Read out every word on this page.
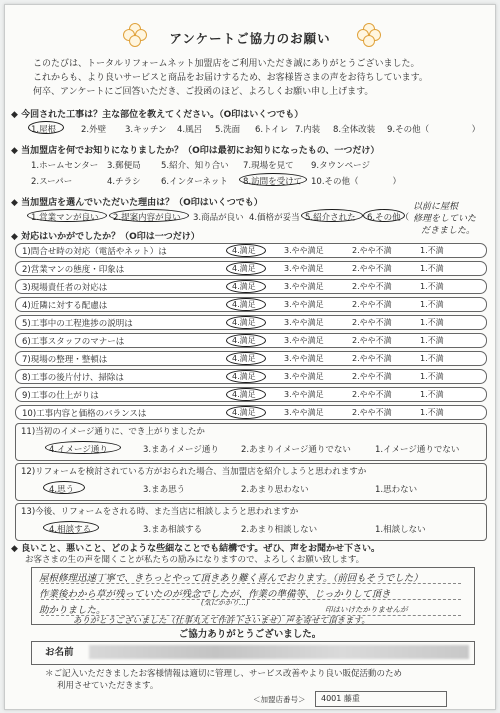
アンケートご協力のお願い
このたびは、トータルリフォームネット加盟店をご利用いただき誠にありがとうございました。
これからも、より良いサービスと商品をお届けするため、お客様皆さまの声をお待ちしています。
何卒、アンケートにご回答いただき、ご投函のほど、よろしくお願い申し上げます。
◆ 今回された工事は？主な部位を教えてください。（O印はいくつでも）
1.屋根	2.外壁 3.キッチン 4.風呂 5.洗面 6.トイレ 7.内装 8.全体改装 9.その他（　　　　　）
◆ 当加盟店を何でお知りになりましたか？（O印は最初にお知りになったもの、一つだけ）
1.ホームセンター 3.郵便局 5.紹介、知り合い 7.現場を見て 9.タウンページ
2.スーパー	4.チラシ 6.インターネット 8.訪問を受けて 10.その他（　　　　）
◆ 当加盟店を選んでいただいた理由は？（O印はいくつでも）
1.営業マンが良い 2.提案内容が良い 3.商品が良い 4.価格が妥当 5.紹介された 6.その他（
以前に屋根
修理をしていた
だきました。
◆ 対応はいかがでしたか？（O印は一つだけ）
1)問合せ時の対応（電話やネット）は	4.満足	3.やや満足	2.やや不満	1.不満
2)営業マンの態度・印象は	4.満足	3.やや満足	2.やや不満	1.不満
3)現場責任者の対応は	4.満足	3.やや満足	2.やや不満	1.不満
4)近隣に対する配慮は	4.満足	3.やや満足	2.やや不満	1.不満
5)工事中の工程進捗の説明は	4.満足	3.やや満足	2.やや不満	1.不満
6)工事スタッフのマナーは	4.満足	3.やや満足	2.やや不満	1.不満
7)現場の整理・整頓は	4.満足	3.やや満足	2.やや不満	1.不満
8)工事の後片付け、掃除は	4.満足	3.やや満足	2.やや不満	1.不満
9)工事の仕上がりは	4.満足	3.やや満足	2.やや不満	1.不満
10)工事内容と価格のバランスは	4.満足	3.やや満足	2.やや不満	1.不満
11)当初のイメージ通りに、でき上がりましたか
4.イメージ通り	3.まあイメージ通り	2.あまりイメージ通りでない	1.イメージ通りでない
12)リフォームを検討されている方がおられた場合、当加盟店を紹介しようと思われますか
4.思う	3.まあ思う	2.あまり思わない	1.思わない
13)今後、リフォームをされる時、また当店に相談しようと思われますか
4.相談する	3.まあ相談する	2.あまり相談しない	1.相談しない
◆ 良いこと、悪いこと、どのような些細なことでも結構です。ぜひ、声をお聞かせ下さい。
お客さまの生の声を聞くことが私たちの励みになりますので、よろしくお願い致します。
屋根修理迅速丁寧で、きちっとやって頂きあり難く喜んでおります。（前回もそうでした）
作業後わから草が残っていたのが残念でしたが、作業の準備等、じっかりして頂き
(気にかかり…)
助かりました。	印はいけたかりませんが
ありがとうございました（仕事丸えて作許下さいませ）声を寄せて頂きます。
ご協力ありがとうございました。
お名前
＊ご記入いただきましたお客様情報は適切に管理し、サービス改善やより良い販促活動のため
利用させていただきます。
＜加盟店番号＞ 4001 藤重
